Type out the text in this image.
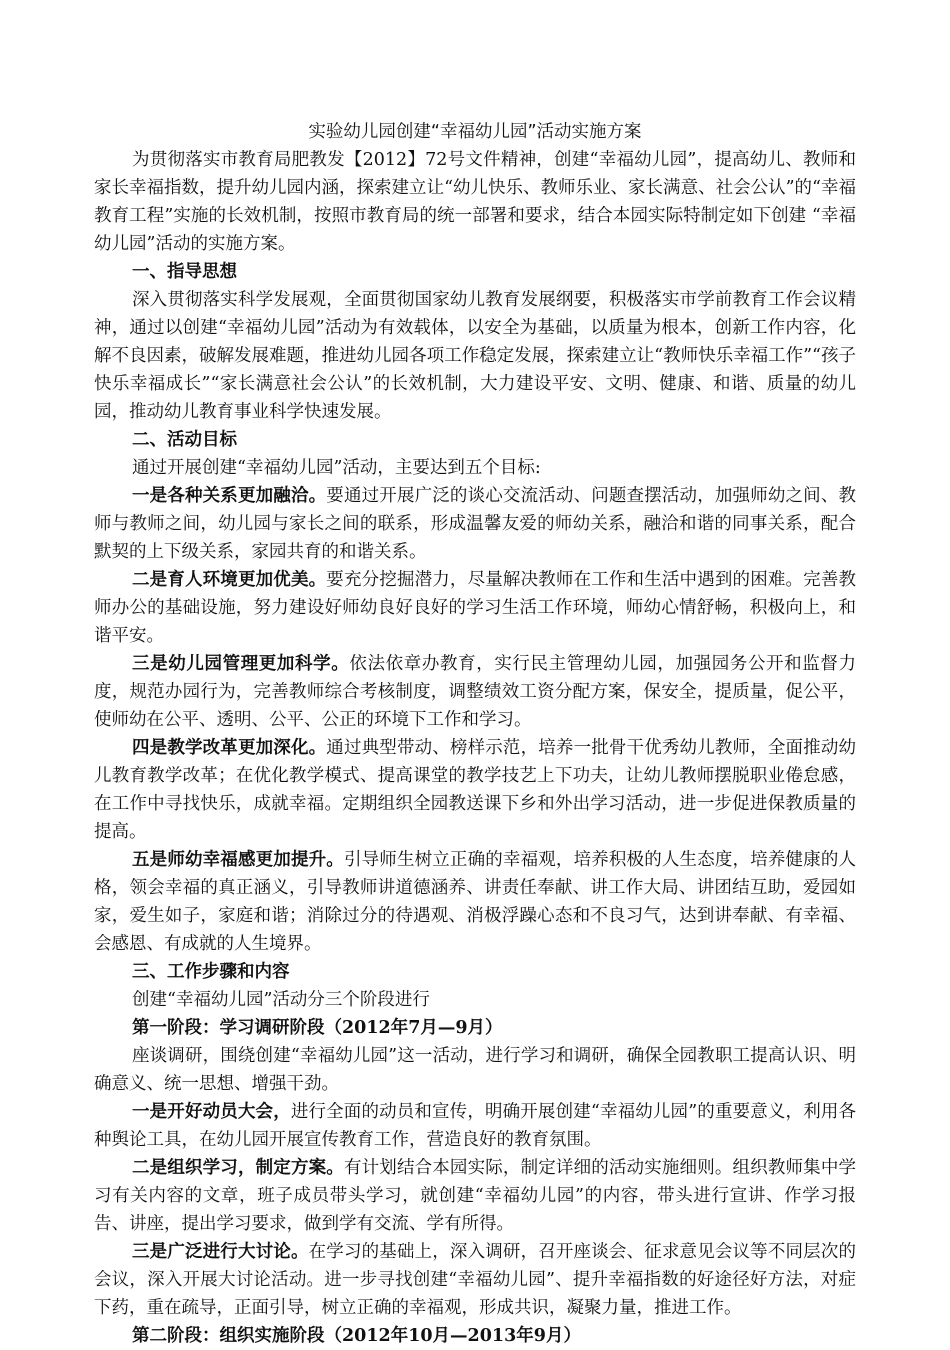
实验幼儿园创建“幸福幼儿园”活动实施方案

为贯彻落实市教育局肥教发【2012】72号文件精神，创建“幸福幼儿园”，提高幼儿、教师和家长幸福指数，提升幼儿园内涵，探索建立让“幼儿快乐、教师乐业、家长满意、社会公认”的“幸福教育工程”实施的长效机制，按照市教育局的统一部署和要求，结合本园实际特制定如下创建 “幸福幼儿园”活动的实施方案。

一、指导思想

深入贯彻落实科学发展观，全面贯彻国家幼儿教育发展纲要，积极落实市学前教育工作会议精神，通过以创建“幸福幼儿园”活动为有效载体，以安全为基础，以质量为根本，创新工作内容，化解不良因素，破解发展难题，推进幼儿园各项工作稳定发展，探索建立让“教师快乐幸福工作”“孩子快乐幸福成长”“家长满意社会公认”的长效机制，大力建设平安、文明、健康、和谐、质量的幼儿园，推动幼儿教育事业科学快速发展。

二、活动目标

通过开展创建“幸福幼儿园”活动，主要达到五个目标:

一是各种关系更加融洽。要通过开展广泛的谈心交流活动、问题查摆活动，加强师幼之间、教师与教师之间，幼儿园与家长之间的联系，形成温馨友爱的师幼关系，融洽和谐的同事关系，配合默契的上下级关系，家园共育的和谐关系。

二是育人环境更加优美。要充分挖掘潜力，尽量解决教师在工作和生活中遇到的困难。完善教师办公的基础设施，努力建设好师幼良好良好的学习生活工作环境，师幼心情舒畅，积极向上，和谐平安。

三是幼儿园管理更加科学。依法依章办教育，实行民主管理幼儿园，加强园务公开和监督力度，规范办园行为，完善教师综合考核制度，调整绩效工资分配方案，保安全，提质量，促公平，使师幼在公平、透明、公平、公正的环境下工作和学习。

四是教学改革更加深化。通过典型带动、榜样示范，培养一批骨干优秀幼儿教师，全面推动幼儿教育教学改革；在优化教学模式、提高课堂的教学技艺上下功夫，让幼儿教师摆脱职业倦怠感，在工作中寻找快乐，成就幸福。定期组织全园教送课下乡和外出学习活动，进一步促进保教质量的提高。

五是师幼幸福感更加提升。引导师生树立正确的幸福观，培养积极的人生态度，培养健康的人格，领会幸福的真正涵义，引导教师讲道德涵养、讲责任奉献、讲工作大局、讲团结互助，爱园如家，爱生如子，家庭和谐；消除过分的待遇观、消极浮躁心态和不良习气，达到讲奉献、有幸福、会感恩、有成就的人生境界。

三、工作步骤和内容

创建“幸福幼儿园”活动分三个阶段进行

第一阶段：学习调研阶段（2012年7月—9月）

座谈调研，围绕创建“幸福幼儿园”这一活动，进行学习和调研，确保全园教职工提高认识、明确意义、统一思想、增强干劲。

一是开好动员大会，进行全面的动员和宣传，明确开展创建“幸福幼儿园”的重要意义，利用各种舆论工具，在幼儿园开展宣传教育工作，营造良好的教育氛围。

二是组织学习，制定方案。有计划结合本园实际，制定详细的活动实施细则。组织教师集中学习有关内容的文章，班子成员带头学习，就创建“幸福幼儿园”的内容，带头进行宣讲、作学习报告、讲座，提出学习要求，做到学有交流、学有所得。

三是广泛进行大讨论。在学习的基础上，深入调研，召开座谈会、征求意见会议等不同层次的会议，深入开展大讨论活动。进一步寻找创建“幸福幼儿园”、提升幸福指数的好途径好方法，对症下药，重在疏导，正面引导，树立正确的幸福观，形成共识，凝聚力量，推进工作。

第二阶段：组织实施阶段（2012年10月—2013年9月）
